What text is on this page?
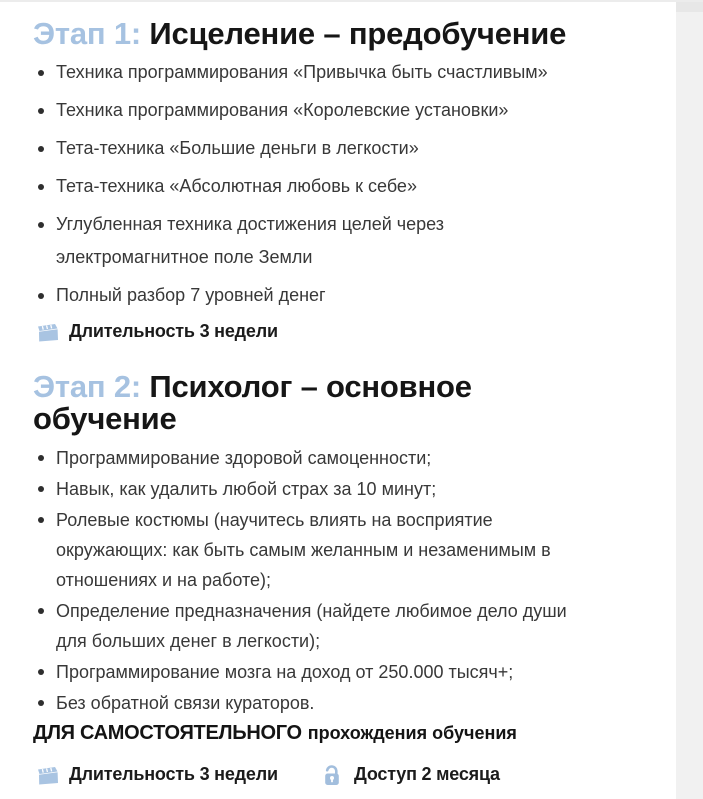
Этап 1: Исцеление – предобучение
Техника программирования «Привычка быть счастливым»
Техника программирования «Королевские установки»
Тета-техника «Большие деньги в легкости»
Тета-техника «Абсолютная любовь к себе»
Углубленная техника достижения целей через электромагнитное поле Земли
Полный разбор 7 уровней денег
Длительность 3 недели
Этап 2: Психолог – основное обучение
Программирование здоровой самоценности;
Навык, как удалить любой страх за 10 минут;
Ролевые костюмы (научитесь влиять на восприятие окружающих: как быть самым желанным и незаменимым в отношениях и на работе);
Определение предназначения (найдете любимое дело души для больших денег в легкости);
Программирование мозга на доход от 250.000 тысяч+;
Без обратной связи кураторов.

ДЛЯ САМОСТОЯТЕЛЬНОГО прохождения обучения

Длительность 3 недели	Доступ 2 месяца
